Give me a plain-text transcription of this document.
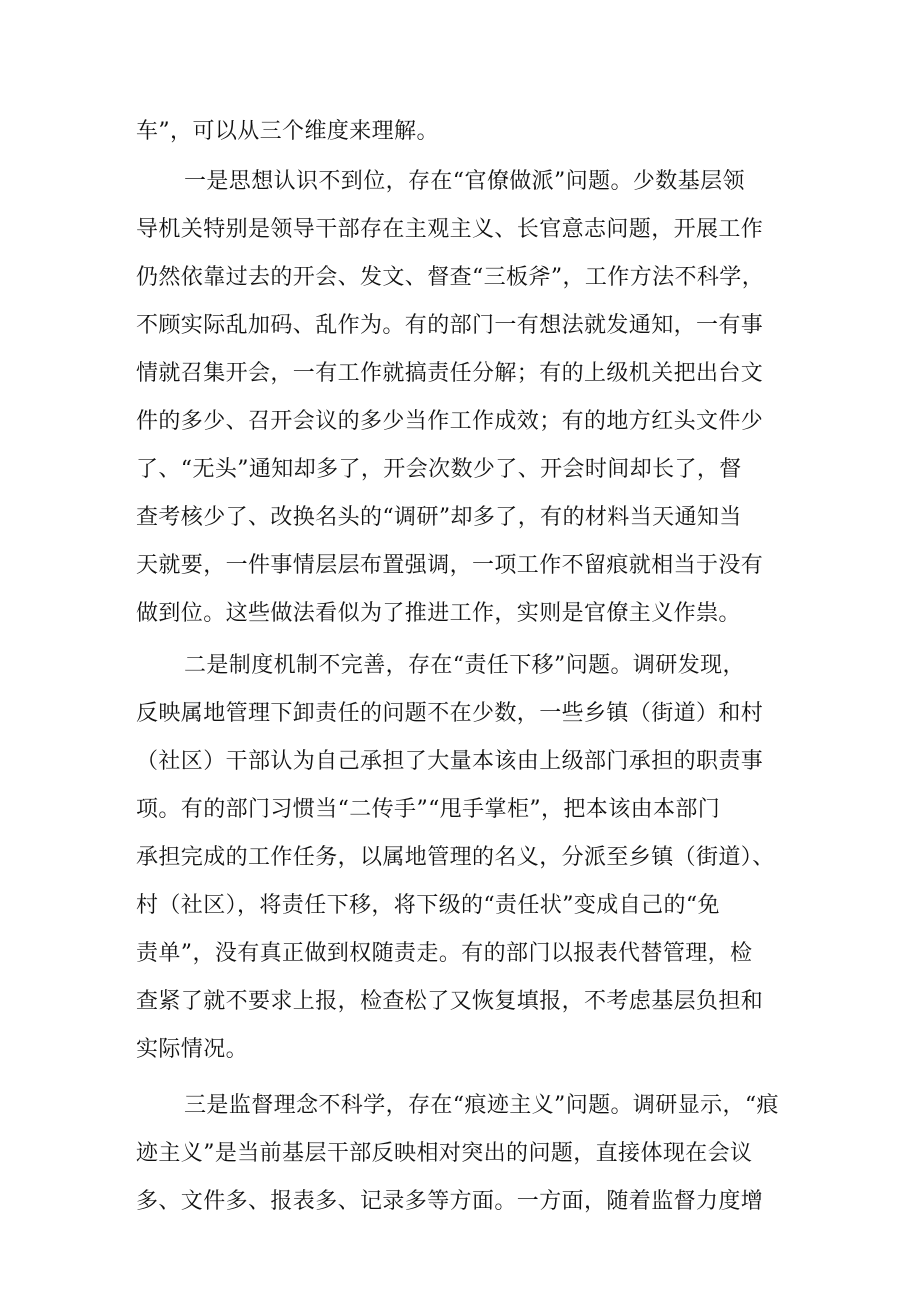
车”，可以从三个维度来理解。
一是思想认识不到位，存在“官僚做派”问题。少数基层领
导机关特别是领导干部存在主观主义、长官意志问题，开展工作
仍然依靠过去的开会、发文、督查“三板斧”，工作方法不科学，
不顾实际乱加码、乱作为。有的部门一有想法就发通知，一有事
情就召集开会，一有工作就搞责任分解；有的上级机关把出台文
件的多少、召开会议的多少当作工作成效；有的地方红头文件少
了、“无头”通知却多了，开会次数少了、开会时间却长了，督
查考核少了、改换名头的“调研”却多了，有的材料当天通知当
天就要，一件事情层层布置强调，一项工作不留痕就相当于没有
做到位。这些做法看似为了推进工作，实则是官僚主义作祟。
二是制度机制不完善，存在“责任下移”问题。调研发现，
反映属地管理下卸责任的问题不在少数，一些乡镇（街道）和村
（社区）干部认为自己承担了大量本该由上级部门承担的职责事
项。有的部门习惯当“二传手”“甩手掌柜”，把本该由本部门
承担完成的工作任务，以属地管理的名义，分派至乡镇（街道）、
村（社区），将责任下移，将下级的“责任状”变成自己的“免
责单”，没有真正做到权随责走。有的部门以报表代替管理，检
查紧了就不要求上报，检查松了又恢复填报，不考虑基层负担和
实际情况。
三是监督理念不科学，存在“痕迹主义”问题。调研显示，“痕
迹主义”是当前基层干部反映相对突出的问题，直接体现在会议
多、文件多、报表多、记录多等方面。一方面，随着监督力度增
